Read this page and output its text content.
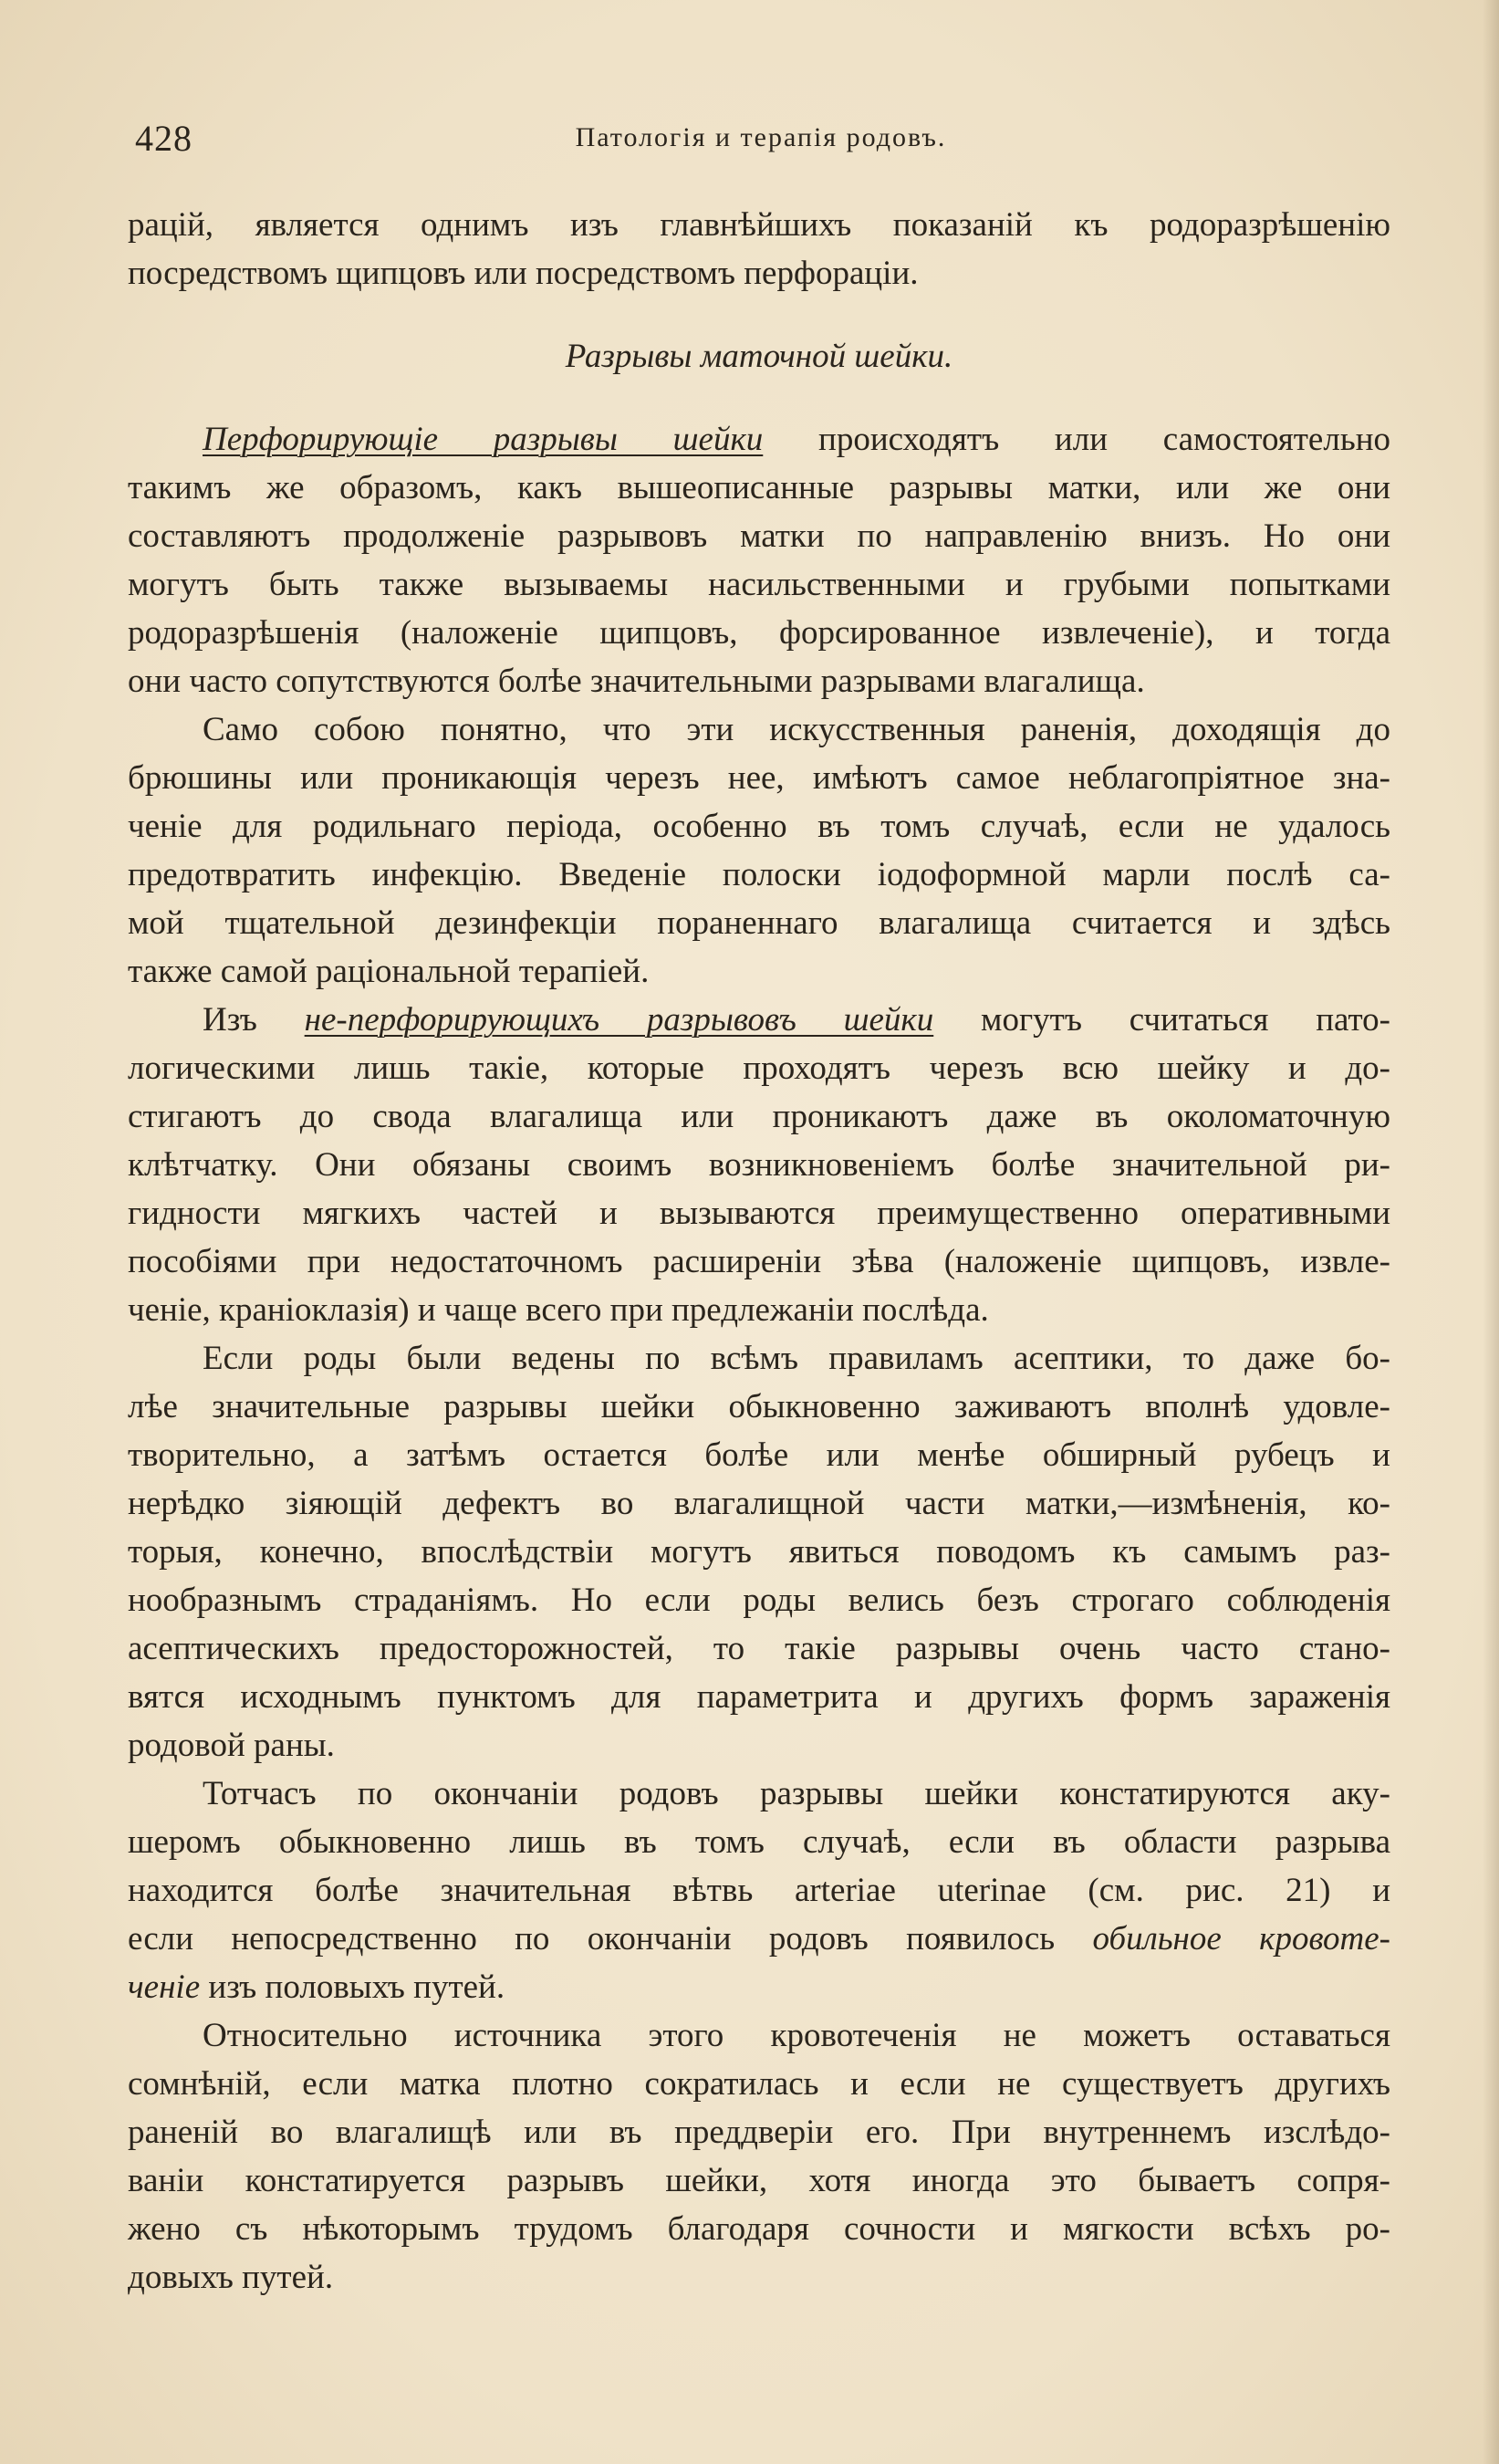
428	Патологія и терапія родовъ.
рацій, является однимъ изъ главнѣйшихъ показаній къ родоразрѣшенію
посредствомъ щипцовъ или посредствомъ перфораціи.
Разрывы маточной шейки.
Перфорирующіе разрывы шейки происходятъ или самостоятельно
такимъ же образомъ, какъ вышеописанные разрывы матки, или же они
составляютъ продолженіе разрывовъ матки по направленію внизъ. Но они
могутъ быть также вызываемы насильственными и грубыми попытками
родоразрѣшенія (наложеніе щипцовъ, форсированное извлеченіе), и тогда
они часто сопутствуются болѣе значительными разрывами влагалища.
Само собою понятно, что эти искусственныя раненія, доходящія до
брюшины или проникающія черезъ нее, имѣютъ самое неблагопріятное зна-
ченіе для родильнаго періода, особенно въ томъ случаѣ, если не удалось
предотвратить инфекцію. Введеніе полоски іодоформной марли послѣ са-
мой тщательной дезинфекціи пораненнаго влагалища считается и здѣсь
также самой раціональной терапіей.
Изъ не-перфорирующихъ разрывовъ шейки могутъ считаться пато-
логическими лишь такіе, которые проходятъ черезъ всю шейку и до-
стигаютъ до свода влагалища или проникаютъ даже въ околоматочную
клѣтчатку. Они обязаны своимъ возникновеніемъ болѣе значительной ри-
гидности мягкихъ частей и вызываются преимущественно оперативными
пособіями при недостаточномъ расширеніи зѣва (наложеніе щипцовъ, извле-
ченіе, краніоклазія) и чаще всего при предлежаніи послѣда.
Если роды были ведены по всѣмъ правиламъ асептики, то даже бо-
лѣе значительные разрывы шейки обыкновенно заживаютъ вполнѣ удовле-
творительно, а затѣмъ остается болѣе или менѣе обширный рубецъ и
нерѣдко зіяющій дефектъ во влагалищной части матки,—измѣненія, ко-
торыя, конечно, впослѣдствіи могутъ явиться поводомъ къ самымъ раз-
нообразнымъ страданіямъ. Но если роды велись безъ строгаго соблюденія
асептическихъ предосторожностей, то такіе разрывы очень часто стано-
вятся исходнымъ пунктомъ для параметрита и другихъ формъ зараженія
родовой раны.
Тотчасъ по окончаніи родовъ разрывы шейки констатируются аку-
шеромъ обыкновенно лишь въ томъ случаѣ, если въ области разрыва
находится болѣе значительная вѣтвь arteriae uterinae (см. рис. 21) и
если непосредственно по окончаніи родовъ появилось обильное кровоте-
ченіе изъ половыхъ путей.
Относительно источника этого кровотеченія не можетъ оставаться
сомнѣній, если матка плотно сократилась и если не существуетъ другихъ
раненій во влагалищѣ или въ преддверіи его. При внутреннемъ изслѣдо-
ваніи констатируется разрывъ шейки, хотя иногда это бываетъ сопря-
жено съ нѣкоторымъ трудомъ благодаря сочности и мягкости всѣхъ ро-
довыхъ путей.
